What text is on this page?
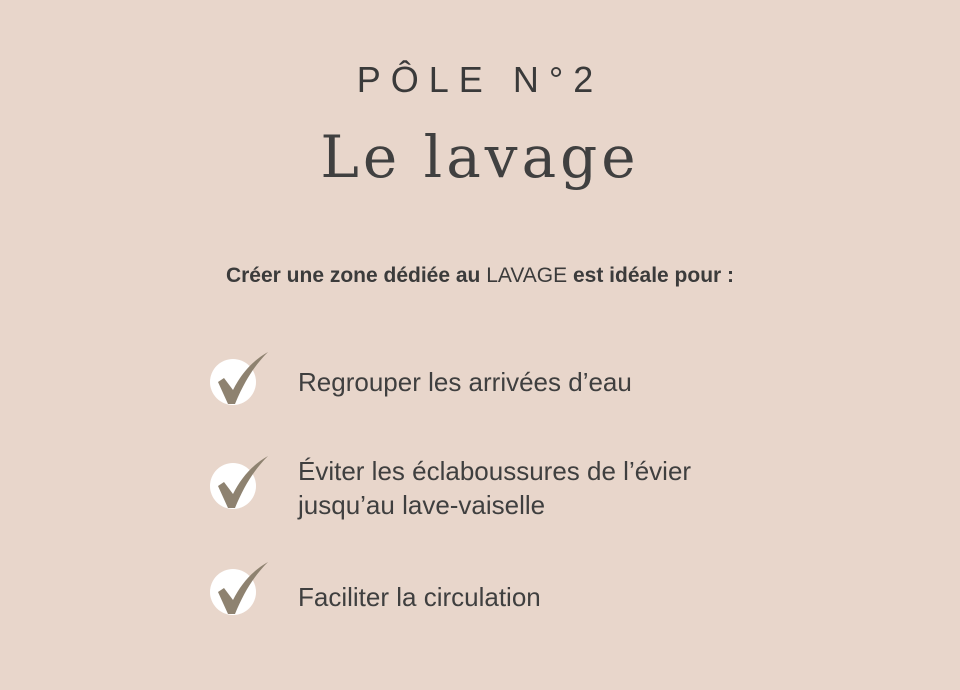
PÔLE N°2
Le lavage
Créer une zone dédiée au LAVAGE est idéale pour :
Regrouper les arrivées d’eau
Éviter les éclaboussures de l’évier
jusqu’au lave-vaiselle
Faciliter la circulation
